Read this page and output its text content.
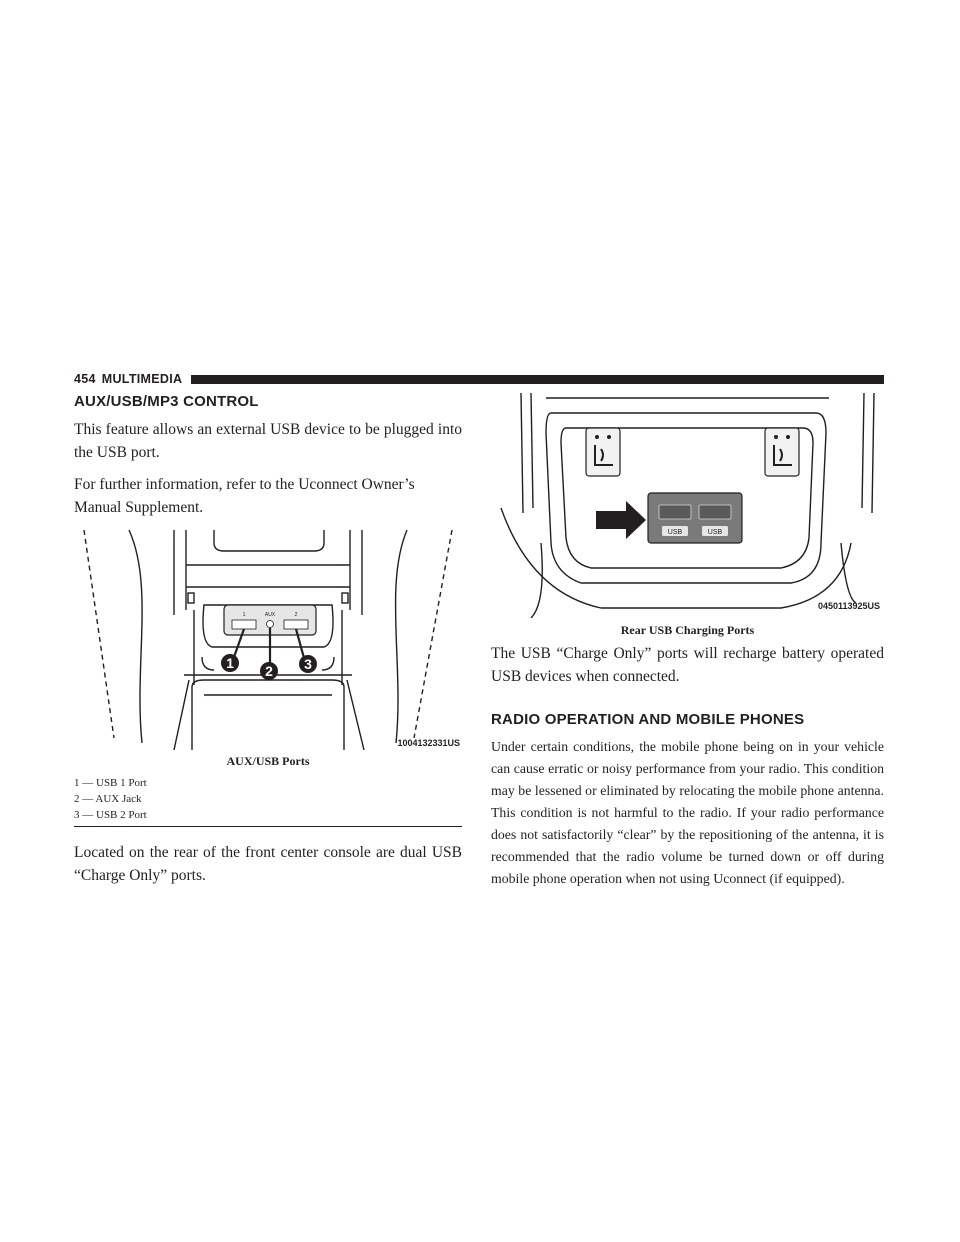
454 MULTIMEDIA
AUX/USB/MP3 CONTROL

This feature allows an external USB device to be plugged into the USB port.

For further information, refer to the Uconnect Owner’s Manual Supplement.

1	AUX	2
1 2 3
1004132331US
AUX/USB Ports
1 — USB 1 Port
2 — AUX Jack
3 — USB 2 Port

Located on the rear of the front center console are dual USB “Charge Only” ports.

USB	USB
0450113925US
Rear USB Charging Ports

The USB “Charge Only” ports will recharge battery operated USB devices when connected.

RADIO OPERATION AND MOBILE PHONES

Under certain conditions, the mobile phone being on in your vehicle can cause erratic or noisy performance from your radio. This condition may be lessened or eliminated by relocating the mobile phone antenna. This condition is not harmful to the radio. If your radio performance does not satisfactorily “clear” by the repositioning of the antenna, it is recommended that the radio volume be turned down or off during mobile phone operation when not using Uconnect (if equipped).
